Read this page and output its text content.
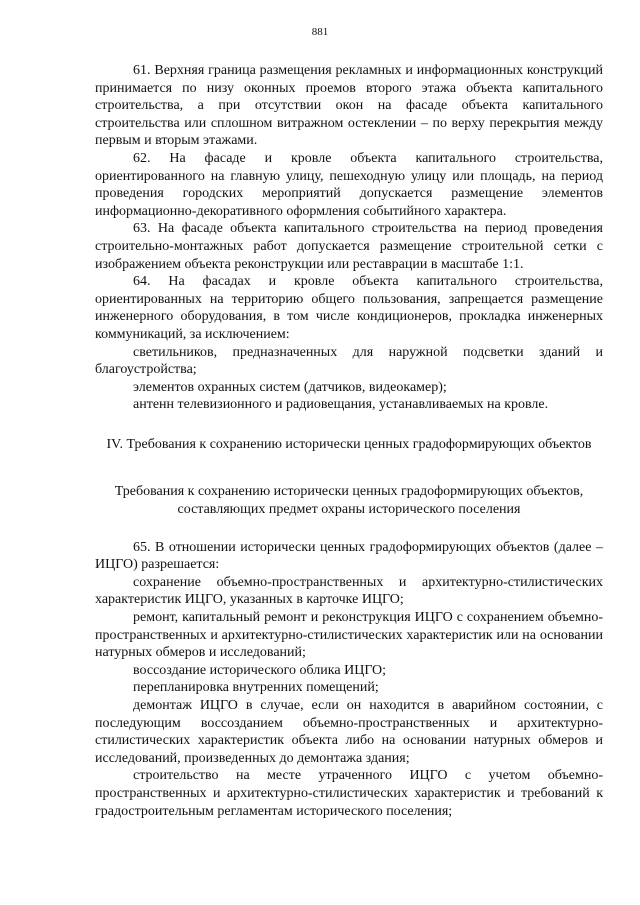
881

61. Верхняя граница размещения рекламных и информационных конструкций принимается по низу оконных проемов второго этажа объекта капитального строительства, а при отсутствии окон на фасаде объекта капитального строительства или сплошном витражном остеклении – по верху перекрытия между первым и вторым этажами.

62. На фасаде и кровле объекта капитального строительства, ориентированного на главную улицу, пешеходную улицу или площадь, на период проведения городских мероприятий допускается размещение элементов информационно-декоративного оформления событийного характера.

63. На фасаде объекта капитального строительства на период проведения строительно-монтажных работ допускается размещение строительной сетки с изображением объекта реконструкции или реставрации в масштабе 1:1.

64. На фасадах и кровле объекта капитального строительства, ориентированных на территорию общего пользования, запрещается размещение инженерного оборудования, в том числе кондиционеров, прокладка инженерных коммуникаций, за исключением:

светильников, предназначенных для наружной подсветки зданий и благоустройства;

элементов охранных систем (датчиков, видеокамер);

антенн телевизионного и радиовещания, устанавливаемых на кровле.

IV. Требования к сохранению исторически ценных градоформирующих объектов
Требования к сохранению исторически ценных градоформирующих объектов, составляющих предмет охраны исторического поселения

65. В отношении исторически ценных градоформирующих объектов (далее – ИЦГО) разрешается:

сохранение объемно-пространственных и архитектурно-стилистических характеристик ИЦГО, указанных в карточке ИЦГО;

ремонт, капитальный ремонт и реконструкция ИЦГО с сохранением объемно-пространственных и архитектурно-стилистических характеристик или на основании натурных обмеров и исследований;

воссоздание исторического облика ИЦГО;

перепланировка внутренних помещений;

демонтаж ИЦГО в случае, если он находится в аварийном состоянии, с последующим воссозданием объемно-пространственных и архитектурно-стилистических характеристик объекта либо на основании натурных обмеров и исследований, произведенных до демонтажа здания;

строительство на месте утраченного ИЦГО с учетом объемно-пространственных и архитектурно-стилистических характеристик и требований к градостроительным регламентам исторического поселения;
